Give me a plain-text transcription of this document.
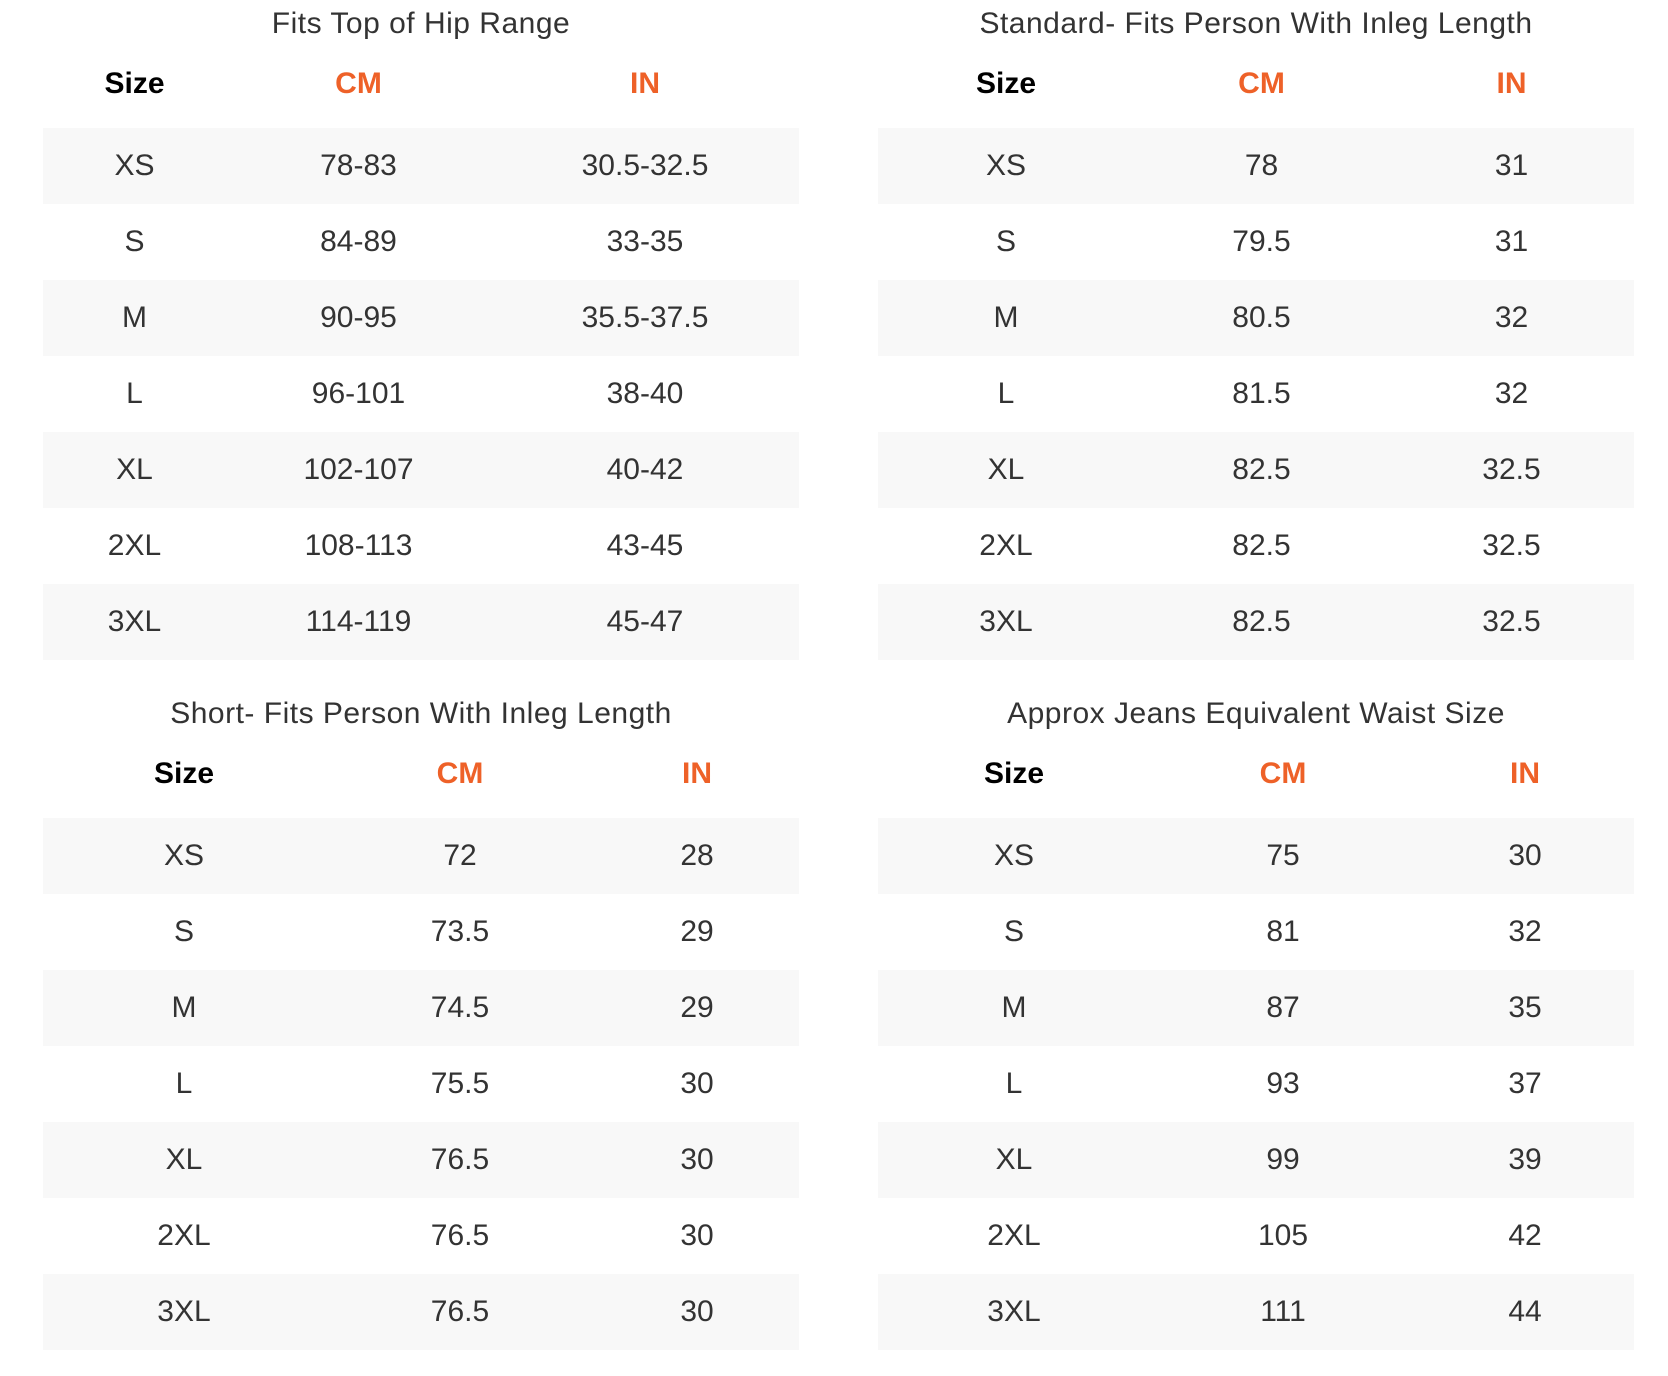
Fits Top of Hip Range
Size	CM	IN
XS	78-83	30.5-32.5
S	84-89	33-35
M	90-95	35.5-37.5
L	96-101	38-40
XL	102-107	40-42
2XL	108-113	43-45
3XL	114-119	45-47
Standard- Fits Person With Inleg Length
Size	CM	IN
XS	78	31
S	79.5	31
M	80.5	32
L	81.5	32
XL	82.5	32.5
2XL	82.5	32.5
3XL	82.5	32.5
Short- Fits Person With Inleg Length
Size	CM	IN
XS	72	28
S	73.5	29
M	74.5	29
L	75.5	30
XL	76.5	30
2XL	76.5	30
3XL	76.5	30
Approx Jeans Equivalent Waist Size
Size	CM	IN
XS	75	30
S	81	32
M	87	35
L	93	37
XL	99	39
2XL	105	42
3XL	111	44
